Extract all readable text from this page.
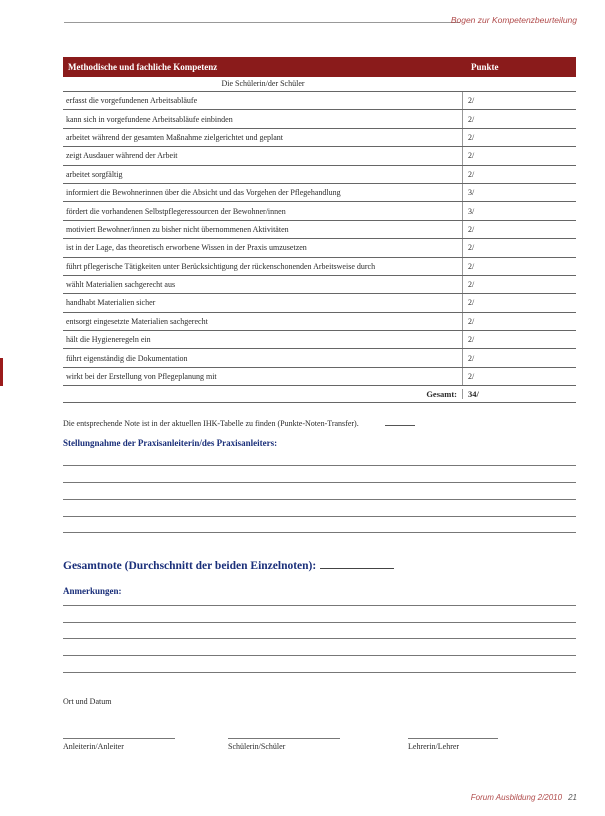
Bogen zur Kompetenzbeurteilung
Methodische und fachliche Kompetenz	Punkte
Die Schülerin/der Schüler
erfasst die vorgefundenen Arbeitsabläufe	2/
kann sich in vorgefundene Arbeitsabläufe einbinden	2/
arbeitet während der gesamten Maßnahme zielgerichtet und geplant	2/
zeigt Ausdauer während der Arbeit	2/
arbeitet sorgfältig	2/
informiert die Bewohnerinnen über die Absicht und das Vorgehen der Pflegehandlung	3/
fördert die vorhandenen Selbstpflegeressourcen der Bewohner/innen	3/
motiviert Bewohner/innen zu bisher nicht übernommenen Aktivitäten	2/
ist in der Lage, das theoretisch erworbene Wissen in der Praxis umzusetzen	2/
führt pflegerische Tätigkeiten unter Berücksichtigung der rückenschonenden Arbeitsweise durch	2/
wählt Materialien sachgerecht aus	2/
handhabt Materialien sicher	2/
entsorgt eingesetzte Materialien sachgerecht	2/
hält die Hygieneregeln ein	2/
führt eigenständig die Dokumentation	2/
wirkt bei der Erstellung von Pflegeplanung mit	2/
Gesamt:	34/
Die entsprechende Note ist in der aktuellen IHK-Tabelle zu finden (Punkte-Noten-Transfer).
Stellungnahme der Praxisanleiterin/des Praxisanleiters:
Gesamtnote (Durchschnitt der beiden Einzelnoten):
Anmerkungen:
Ort und Datum
Anleiterin/Anleiter	Schülerin/Schüler	Lehrerin/Lehrer
Forum Ausbildung 2/2010 21
